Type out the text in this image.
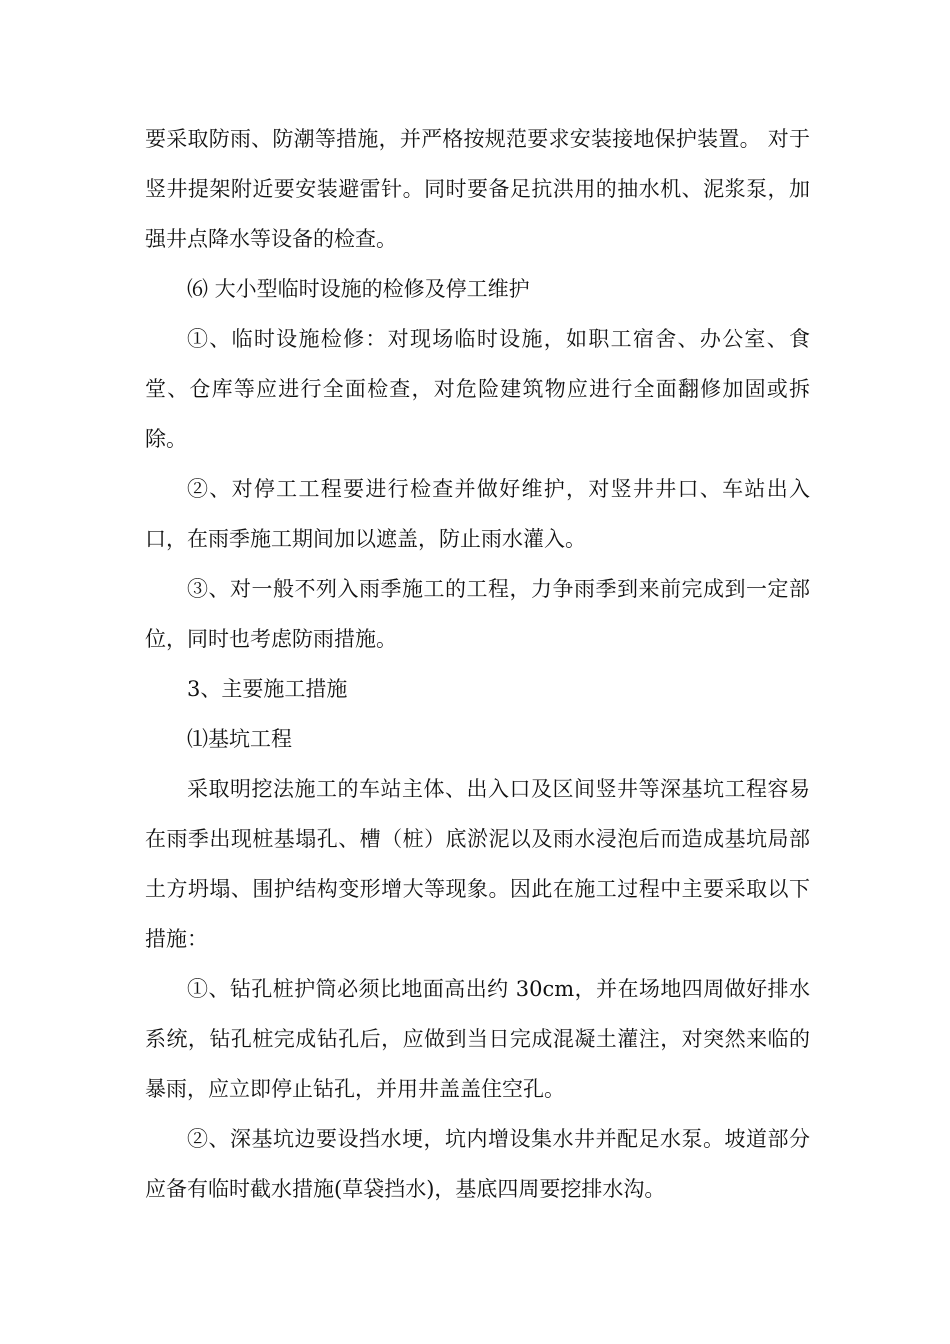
要采取防雨、防潮等措施，并严格按规范要求安装接地保护装置。 对于竖井提架附近要安装避雷针。同时要备足抗洪用的抽水机、泥浆泵，加强井点降水等设备的检查。

⑹ 大小型临时设施的检修及停工维护

①、临时设施检修：对现场临时设施，如职工宿舍、办公室、食堂、仓库等应进行全面检查，对危险建筑物应进行全面翻修加固或拆除。

②、对停工工程要进行检查并做好维护，对竖井井口、车站出入口，在雨季施工期间加以遮盖，防止雨水灌入。

③、对一般不列入雨季施工的工程，力争雨季到来前完成到一定部位，同时也考虑防雨措施。

3、主要施工措施

⑴基坑工程

采取明挖法施工的车站主体、出入口及区间竖井等深基坑工程容易在雨季出现桩基塌孔、槽（桩）底淤泥以及雨水浸泡后而造成基坑局部土方坍塌、围护结构变形增大等现象。因此在施工过程中主要采取以下措施：

①、钻孔桩护筒必须比地面高出约 30cm，并在场地四周做好排水系统，钻孔桩完成钻孔后，应做到当日完成混凝土灌注，对突然来临的暴雨，应立即停止钻孔，并用井盖盖住空孔。

②、深基坑边要设挡水埂，坑内增设集水井并配足水泵。坡道部分应备有临时截水措施(草袋挡水)，基底四周要挖排水沟。
